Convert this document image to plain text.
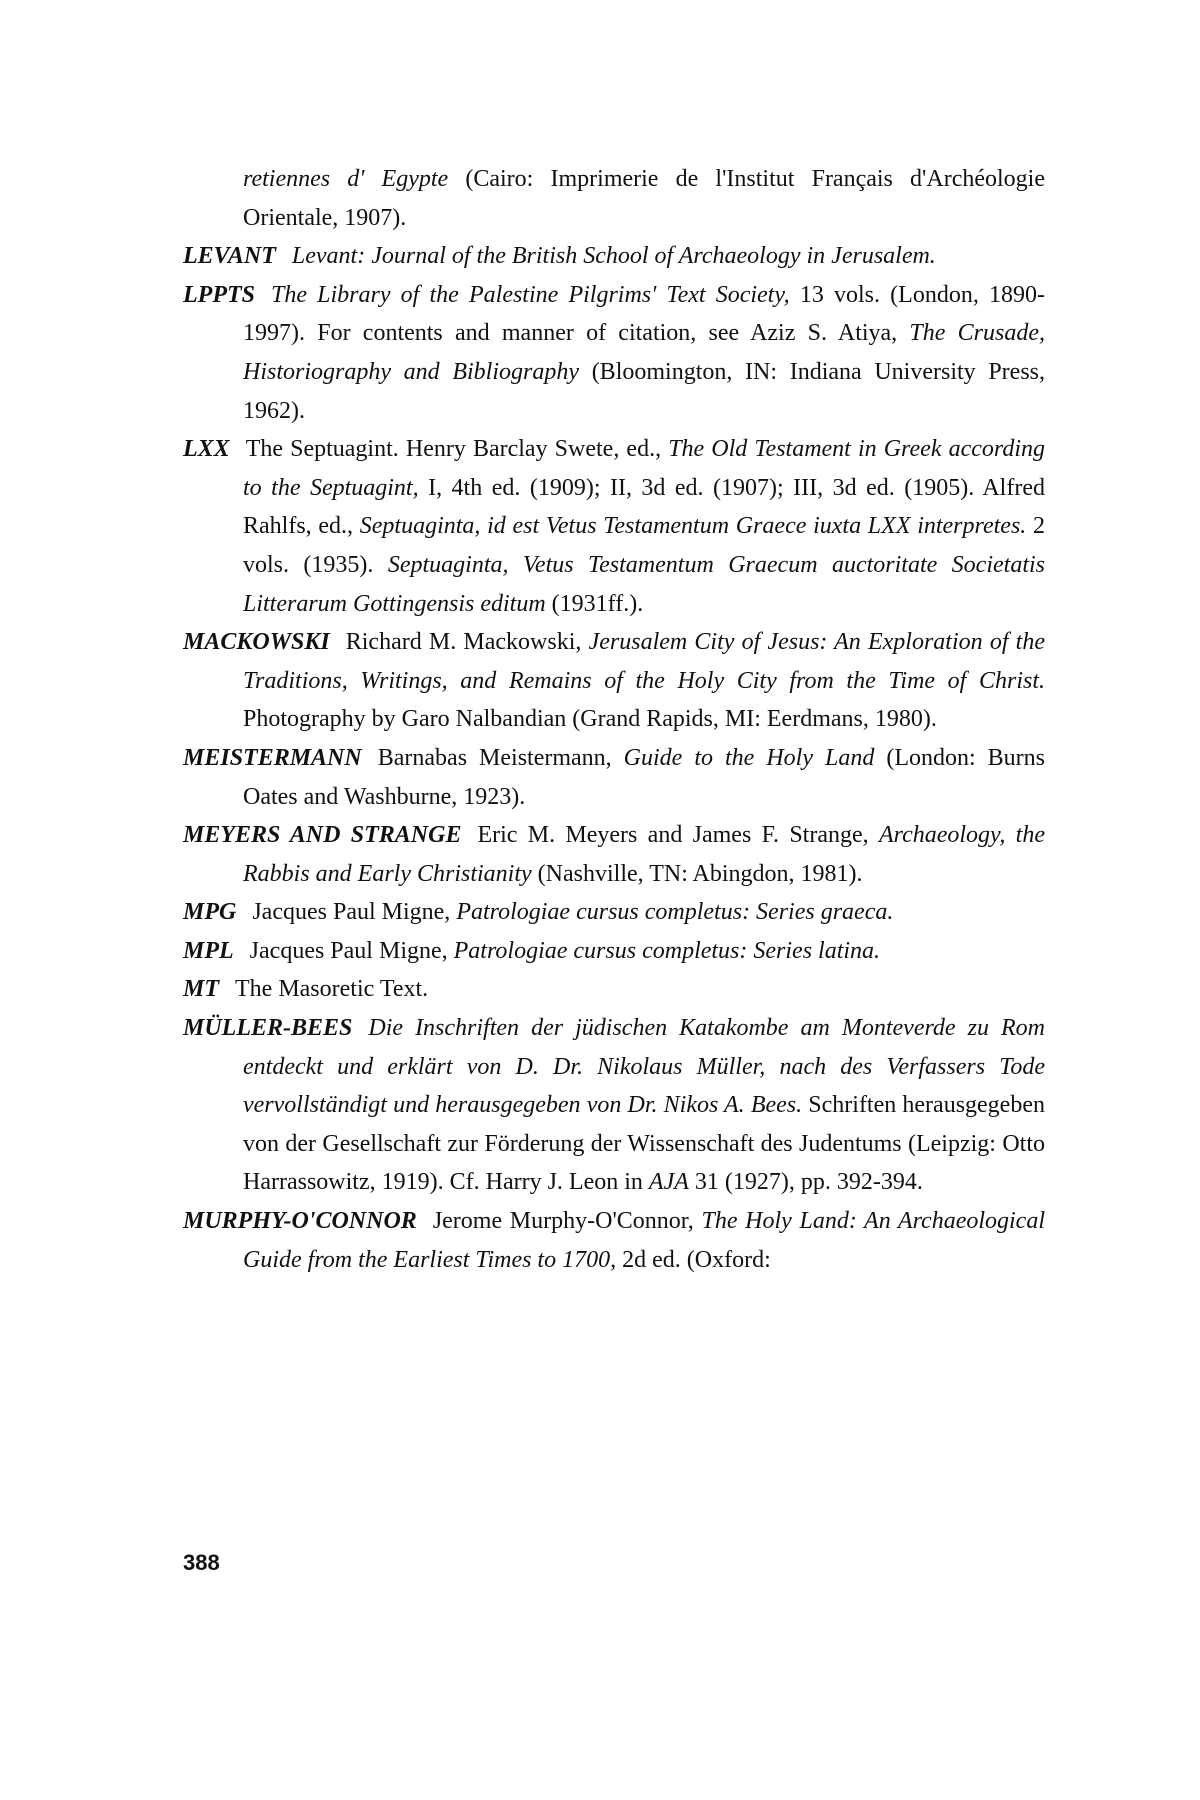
retiennes d' Egypte (Cairo: Imprimerie de l'Institut Français d'Archéologie Orientale, 1907).

LEVANT Levant: Journal of the British School of Archaeology in Jerusalem.

LPPTS The Library of the Palestine Pilgrims' Text Society, 13 vols. (London, 1890-1997). For contents and manner of citation, see Aziz S. Atiya, The Crusade, Historiography and Bibliography (Bloomington, IN: Indiana University Press, 1962).

LXX The Septuagint. Henry Barclay Swete, ed., The Old Testament in Greek according to the Septuagint, I, 4th ed. (1909); II, 3d ed. (1907); III, 3d ed. (1905). Alfred Rahlfs, ed., Septuaginta, id est Vetus Testamentum Graece iuxta LXX interpretes. 2 vols. (1935). Septuaginta, Vetus Testamentum Graecum auctoritate Societatis Litterarum Gottingensis editum (1931ff.).

MACKOWSKI Richard M. Mackowski, Jerusalem City of Jesus: An Exploration of the Traditions, Writings, and Remains of the Holy City from the Time of Christ. Photography by Garo Nalbandian (Grand Rapids, MI: Eerdmans, 1980).

MEISTERMANN Barnabas Meistermann, Guide to the Holy Land (London: Burns Oates and Washburne, 1923).

MEYERS AND STRANGE Eric M. Meyers and James F. Strange, Archaeology, the Rabbis and Early Christianity (Nashville, TN: Abingdon, 1981).

MPG Jacques Paul Migne, Patrologiae cursus completus: Series graeca.

MPL Jacques Paul Migne, Patrologiae cursus completus: Series latina.

MT The Masoretic Text.

MÜLLER-BEES Die Inschriften der jüdischen Katakombe am Monteverde zu Rom entdeckt und erklärt von D. Dr. Nikolaus Müller, nach des Verfassers Tode vervollständigt und herausgegeben von Dr. Nikos A. Bees. Schriften herausgegeben von der Gesellschaft zur Förderung der Wissenschaft des Judentums (Leipzig: Otto Harrassowitz, 1919). Cf. Harry J. Leon in AJA 31 (1927), pp. 392-394.

MURPHY-O'CONNOR Jerome Murphy-O'Connor, The Holy Land: An Archaeological Guide from the Earliest Times to 1700, 2d ed. (Oxford:

388
